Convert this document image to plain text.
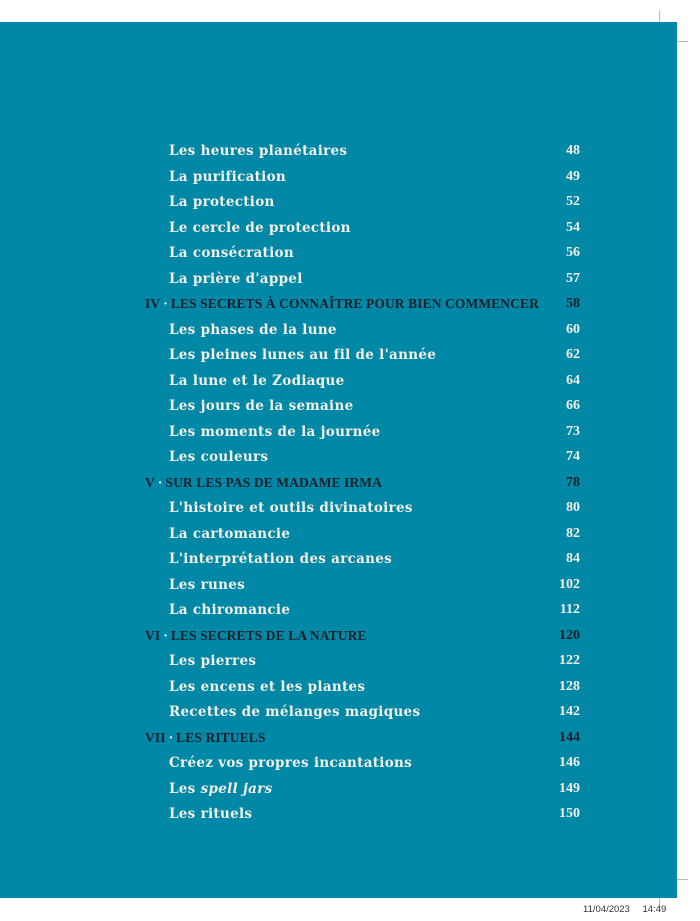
Les heures planétaires	48
La purification	49
La protection	52
Le cercle de protection	54
La consécration	56
La prière d'appel	57
IV · LES SECRETS À CONNAÎTRE POUR BIEN COMMENCER 58
Les phases de la lune	60
Les pleines lunes au fil de l'année	62
La lune et le Zodiaque	64
Les jours de la semaine	66
Les moments de la journée	73
Les couleurs	74
V · SUR LES PAS DE MADAME IRMA	78
L'histoire et outils divinatoires	80
La cartomancie	82
L'interprétation des arcanes	84
Les runes	102
La chiromancie	112
VI · LES SECRETS DE LA NATURE	120
Les pierres	122
Les encens et les plantes	128
Recettes de mélanges magiques	142
VII · LES RITUELS	144
Créez vos propres incantations	146
Les spell jars	149
Les rituels	150
11/04/2023 14:49
